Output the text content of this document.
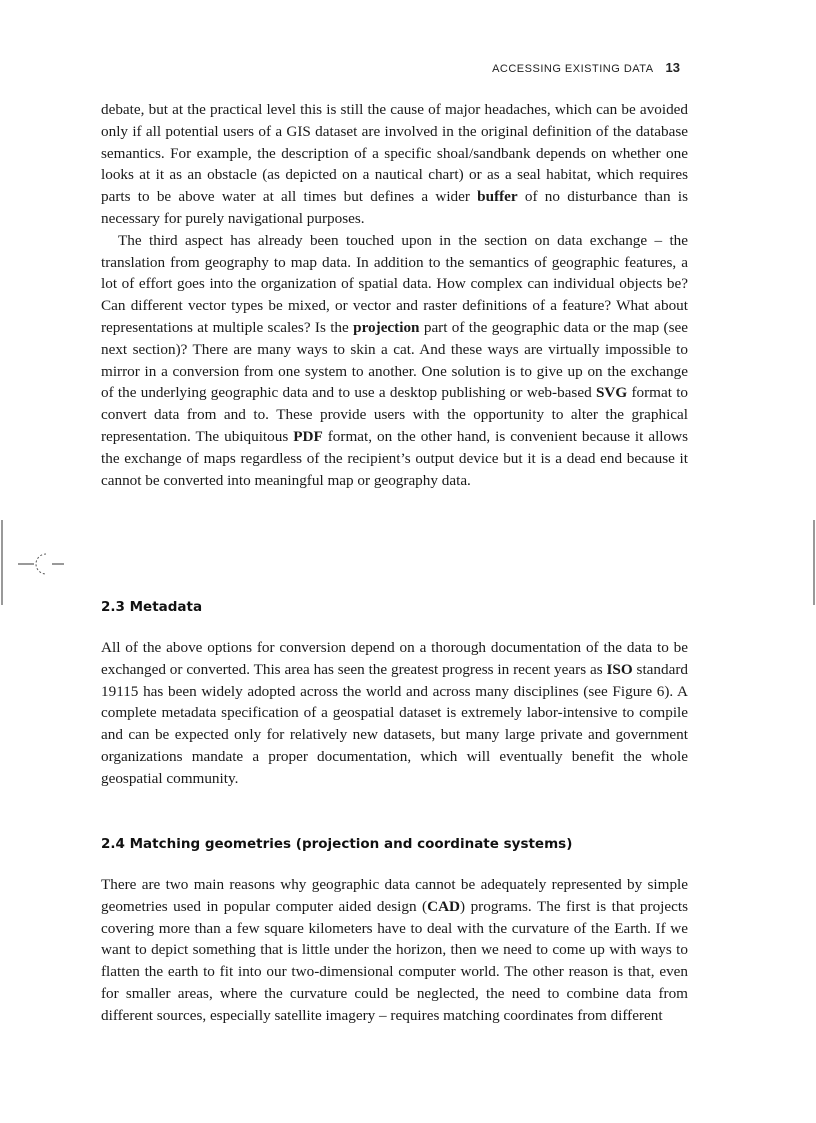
ACCESSING EXISTING DATA 13

debate, but at the practical level this is still the cause of major headaches, which can be avoided only if all potential users of a GIS dataset are involved in the original definition of the database semantics. For example, the description of a specific shoal/sandbank depends on whether one looks at it as an obstacle (as depicted on a nautical chart) or as a seal habitat, which requires parts to be above water at all times but defines a wider buffer of no disturbance than is necessary for purely navigational purposes.

The third aspect has already been touched upon in the section on data exchange – the translation from geography to map data. In addition to the semantics of geographic features, a lot of effort goes into the organization of spatial data. How complex can individual objects be? Can different vector types be mixed, or vector and raster definitions of a feature? What about representations at multiple scales? Is the projection part of the geographic data or the map (see next section)? There are many ways to skin a cat. And these ways are virtually impossible to mirror in a conversion from one system to another. One solution is to give up on the exchange of the underlying geographic data and to use a desktop publishing or web-based SVG format to convert data from and to. These provide users with the opportunity to alter the graphical representation. The ubiquitous PDF format, on the other hand, is convenient because it allows the exchange of maps regardless of the recipient’s output device but it is a dead end because it cannot be converted into meaningful map or geography data.

2.3 Metadata

All of the above options for conversion depend on a thorough documentation of the data to be exchanged or converted. This area has seen the greatest progress in recent years as ISO standard 19115 has been widely adopted across the world and across many disciplines (see Figure 6). A complete metadata specification of a geospatial dataset is extremely labor-intensive to compile and can be expected only for relatively new datasets, but many large private and government organizations mandate a proper documentation, which will eventually benefit the whole geospatial community.

2.4 Matching geometries (projection and coordinate systems)

There are two main reasons why geographic data cannot be adequately represented by simple geometries used in popular computer aided design (CAD) programs. The first is that projects covering more than a few square kilometers have to deal with the curvature of the Earth. If we want to depict something that is little under the horizon, then we need to come up with ways to flatten the earth to fit into our two-dimensional computer world. The other reason is that, even for smaller areas, where the curvature could be neglected, the need to combine data from different sources, especially satellite imagery – requires matching coordinates from different
